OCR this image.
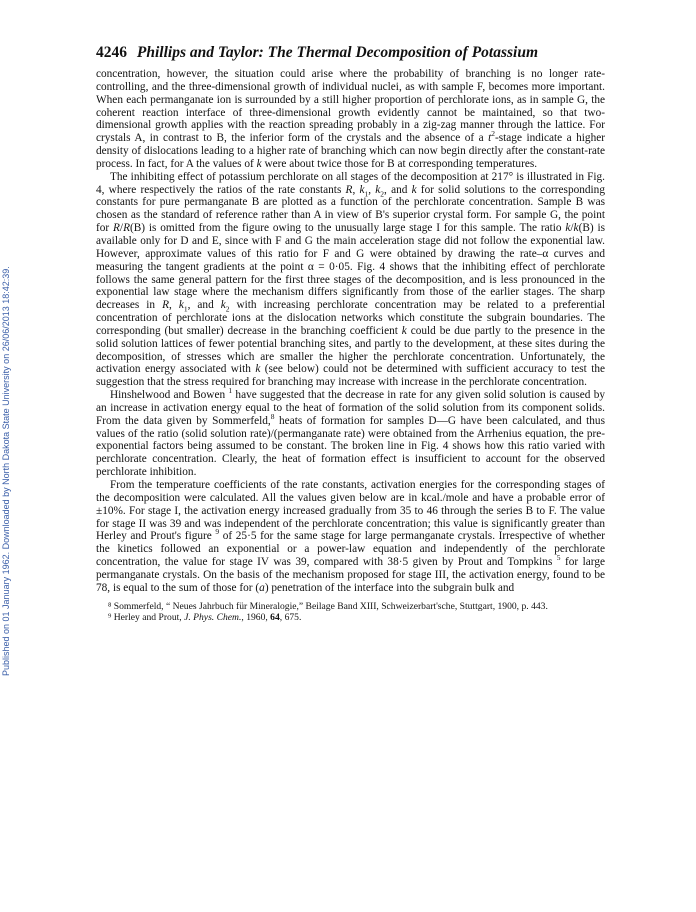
Published on 01 January 1962. Downloaded by North Dakota State University on 26/06/2013 18:42:39.
4246 Phillips and Taylor: The Thermal Decomposition of Potassium

concentration, however, the situation could arise where the probability of branching is no longer rate-controlling, and the three-dimensional growth of individual nuclei, as with sample F, becomes more important. When each permanganate ion is surrounded by a still higher proportion of perchlorate ions, as in sample G, the coherent reaction interface of three-dimensional growth evidently cannot be maintained, so that two-dimensional growth applies with the reaction spreading probably in a zig-zag manner through the lattice. For crystals A, in contrast to B, the inferior form of the crystals and the absence of a $t^2$-stage indicate a higher density of dislocations leading to a higher rate of branching which can now begin directly after the constant-rate process. In fact, for A the values of k were about twice those for B at corresponding temperatures.

The inhibiting effect of potassium perchlorate on all stages of the decomposition at 217° is illustrated in Fig. 4, where respectively the ratios of the rate constants R, $k_1$, $k_2$, and k for solid solutions to the corresponding constants for pure permanganate B are plotted as a function of the perchlorate concentration. Sample B was chosen as the standard of reference rather than A in view of B's superior crystal form. For sample G, the point for R/R(B) is omitted from the figure owing to the unusually large stage I for this sample. The ratio k/k(B) is available only for D and E, since with F and G the main acceleration stage did not follow the exponential law. However, approximate values of this ratio for F and G were obtained by drawing the rate–α curves and measuring the tangent gradients at the point α = 0·05. Fig. 4 shows that the inhibiting effect of perchlorate follows the same general pattern for the first three stages of the decomposition, and is less pronounced in the exponential law stage where the mechanism differs significantly from those of the earlier stages. The sharp decreases in R, $k_1$, and $k_2$ with increasing perchlorate concentration may be related to a preferential concentration of perchlorate ions at the dislocation networks which constitute the subgrain boundaries. The corresponding (but smaller) decrease in the branching coefficient k could be due partly to the presence in the solid solution lattices of fewer potential branching sites, and partly to the development, at these sites during the decomposition, of stresses which are smaller the higher the perchlorate concentration. Unfortunately, the activation energy associated with k (see below) could not be determined with sufficient accuracy to test the suggestion that the stress required for branching may increase with increase in the perchlorate concentration.

Hinshelwood and Bowen $^1$ have suggested that the decrease in rate for any given solid solution is caused by an increase in activation energy equal to the heat of formation of the solid solution from its component solids. From the data given by Sommerfeld,$^8$ heats of formation for samples D—G have been calculated, and thus values of the ratio (solid solution rate)/(permanganate rate) were obtained from the Arrhenius equation, the pre-exponential factors being assumed to be constant. The broken line in Fig. 4 shows how this ratio varied with perchlorate concentration. Clearly, the heat of formation effect is insufficient to account for the observed perchlorate inhibition.

From the temperature coefficients of the rate constants, activation energies for the corresponding stages of the decomposition were calculated. All the values given below are in kcal./mole and have a probable error of ±10%. For stage I, the activation energy increased gradually from 35 to 46 through the series B to F. The value for stage II was 39 and was independent of the perchlorate concentration; this value is significantly greater than Herley and Prout's figure $^9$ of 25·5 for the same stage for large permanganate crystals. Irrespective of whether the kinetics followed an exponential or a power-law equation and independently of the perchlorate concentration, the value for stage IV was 39, compared with 38·5 given by Prout and Tompkins $^5$ for large permanganate crystals. On the basis of the mechanism proposed for stage III, the activation energy, found to be 78, is equal to the sum of those for (a) penetration of the interface into the subgrain bulk and

⁸ Sommerfeld, “ Neues Jahrbuch für Mineralogie,” Beilage Band XIII, Schweizerbart'sche, Stuttgart, 1900, p. 443.

⁹ Herley and Prout, J. Phys. Chem., 1960, 64, 675.
